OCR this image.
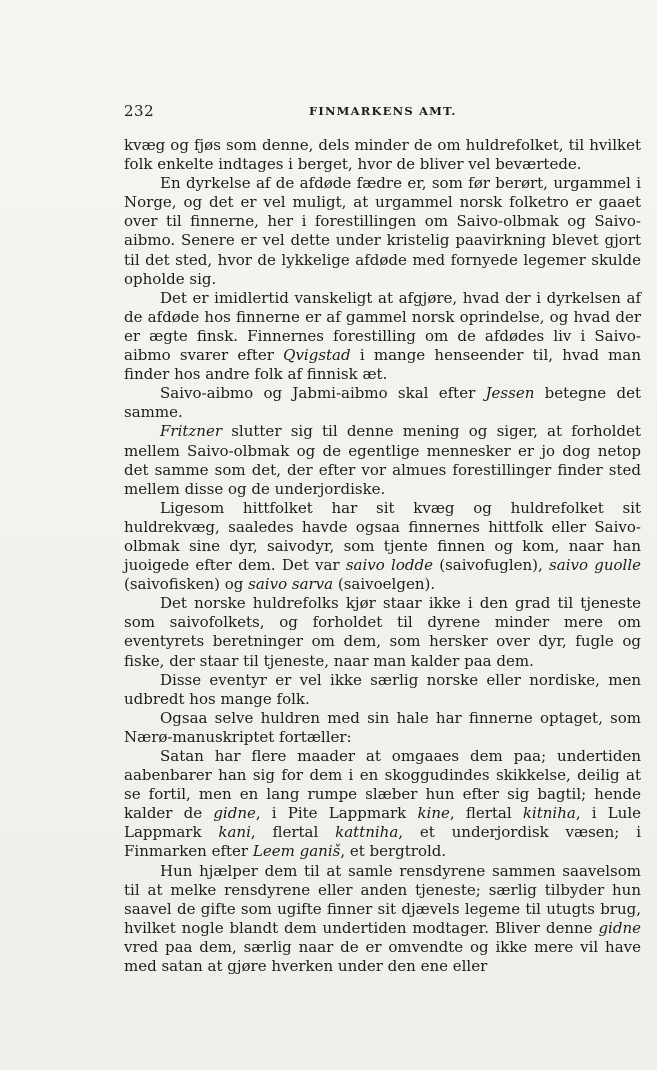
232	FINMARKENS AMT.

kvæg og fjøs som denne, dels minder de om huldrefolket, til hvilket folk enkelte indtages i berget, hvor de bliver vel beværtede.

En dyrkelse af de afdøde fædre er, som før berørt, urgammel i Norge, og det er vel muligt, at urgammel norsk folketro er gaaet over til finnerne, her i forestillingen om Saivo-olbmak og Saivo-aibmo. Senere er vel dette under kristelig paavirkning blevet gjort til det sted, hvor de lykkelige afdøde med fornyede legemer skulde opholde sig.

Det er imidlertid vanskeligt at afgjøre, hvad der i dyrkelsen af de afdøde hos finnerne er af gammel norsk oprindelse, og hvad der er ægte finsk. Finnernes forestilling om de afdødes liv i Saivo-aibmo svarer efter Qvigstad i mange henseender til, hvad man finder hos andre folk af finnisk æt.

Saivo-aibmo og Jabmi-aibmo skal efter Jessen betegne det samme.

Fritzner slutter sig til denne mening og siger, at forholdet mellem Saivo-olbmak og de egentlige mennesker er jo dog netop det samme som det, der efter vor almues forestillinger finder sted mellem disse og de underjordiske.

Ligesom hittfolket har sit kvæg og huldrefolket sit huldrekvæg, saaledes havde ogsaa finnernes hittfolk eller Saivo-olbmak sine dyr, saivodyr, som tjente finnen og kom, naar han juoigede efter dem. Det var saivo lodde (saivofuglen), saivo guolle (saivofisken) og saivo sarva (saivoelgen).

Det norske huldrefolks kjør staar ikke i den grad til tjeneste som saivofolkets, og forholdet til dyrene minder mere om eventyrets beretninger om dem, som hersker over dyr, fugle og fiske, der staar til tjeneste, naar man kalder paa dem.

Disse eventyr er vel ikke særlig norske eller nordiske, men udbredt hos mange folk.

Ogsaa selve huldren med sin hale har finnerne optaget, som Nærø-manuskriptet fortæller:

Satan har flere maader at omgaaes dem paa; undertiden aabenbarer han sig for dem i en skoggudindes skikkelse, deilig at se fortil, men en lang rumpe slæber hun efter sig bagtil; hende kalder de gidne, i Pite Lappmark kine, flertal kitniha, i Lule Lappmark kani, flertal kattniha, et underjordisk væsen; i Finmarken efter Leem ganiš, et bergtrold.

Hun hjælper dem til at samle rensdyrene sammen saavelsom til at melke rensdyrene eller anden tjeneste; særlig tilbyder hun saavel de gifte som ugifte finner sit djævels legeme til utugts brug, hvilket nogle blandt dem undertiden modtager. Bliver denne gidne vred paa dem, særlig naar de er omvendte og ikke mere vil have med satan at gjøre hverken under den ene eller
